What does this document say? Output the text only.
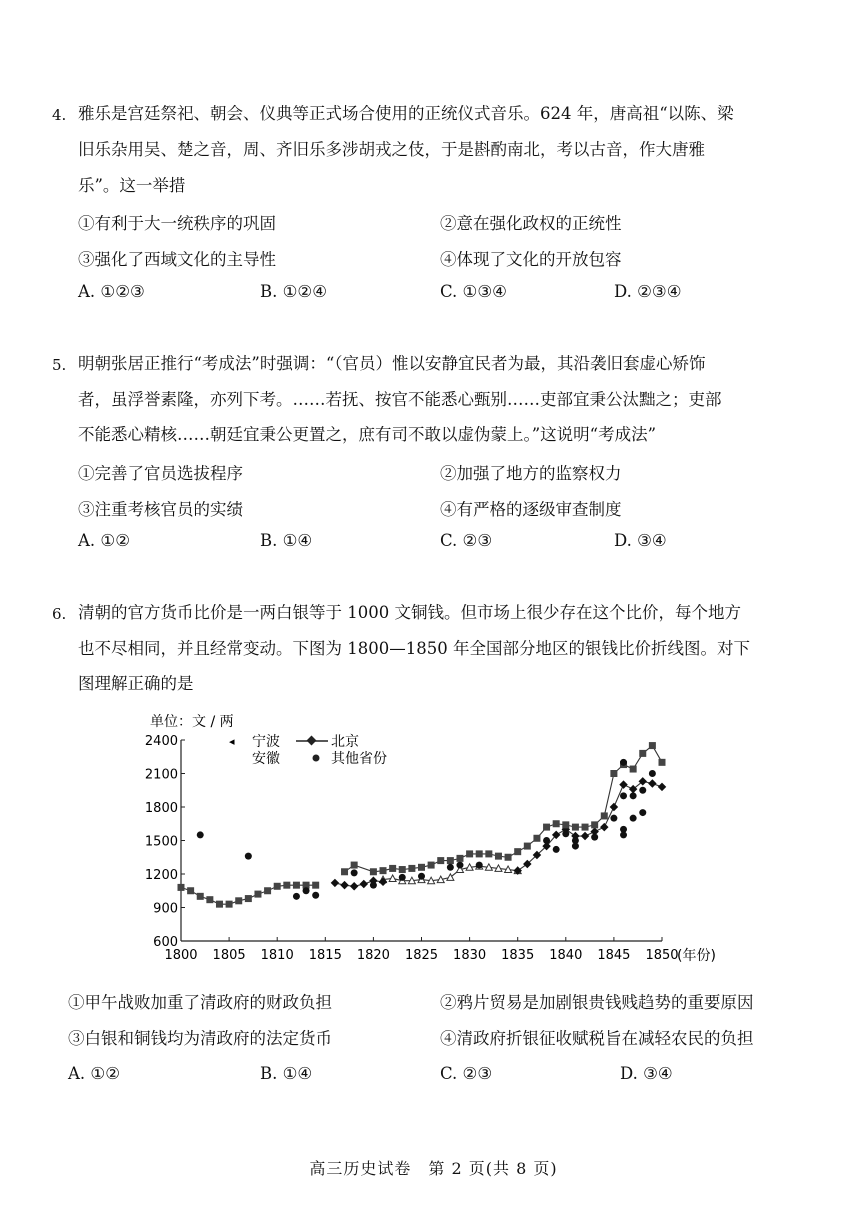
4. 雅乐是宫廷祭祀、朝会、仪典等正式场合使用的正统仪式音乐。624 年，唐高祖“以陈、梁
旧乐杂用吴、楚之音，周、齐旧乐多涉胡戎之伎，于是斟酌南北，考以古音，作大唐雅
乐”。这一举措
①有利于大一统秩序的巩固	②意在强化政权的正统性
③强化了西域文化的主导性	④体现了文化的开放包容
A. ①②③	B. ①②④	C. ①③④	D. ②③④
5. 明朝张居正推行“考成法”时强调：“（官员）惟以安静宜民者为最，其沿袭旧套虚心矫饰
者，虽浮誉素隆，亦列下考。……若抚、按官不能悉心甄别……吏部宜秉公汰黜之；吏部
不能悉心精核……朝廷宜秉公更置之，庶有司不敢以虚伪蒙上。”这说明“考成法”
①完善了官员选拔程序	②加强了地方的监察权力
③注重考核官员的实绩	④有严格的逐级审查制度
A. ①②	B. ①④	C. ②③	D. ③④
6. 清朝的官方货币比价是一两白银等于 1000 文铜钱。但市场上很少存在这个比价，每个地方
也不尽相同，并且经常变动。下图为 1800—1850 年全国部分地区的银钱比价折线图。对下
图理解正确的是
单位：文 / 两
(年份)
1800 1805 1810 1815 1820 1825 1830 1835 1840 1845 1850
600
900
1200
1500
1800
2100
2400	◂ 宁波	北京
安徽	其他省份
①甲午战败加重了清政府的财政负担	②鸦片贸易是加剧银贵钱贱趋势的重要原因
③白银和铜钱均为清政府的法定货币	④清政府折银征收赋税旨在减轻农民的负担
A. ①②	B. ①④	C. ②③	D. ③④
高三历史试卷　第 2 页(共 8 页)
